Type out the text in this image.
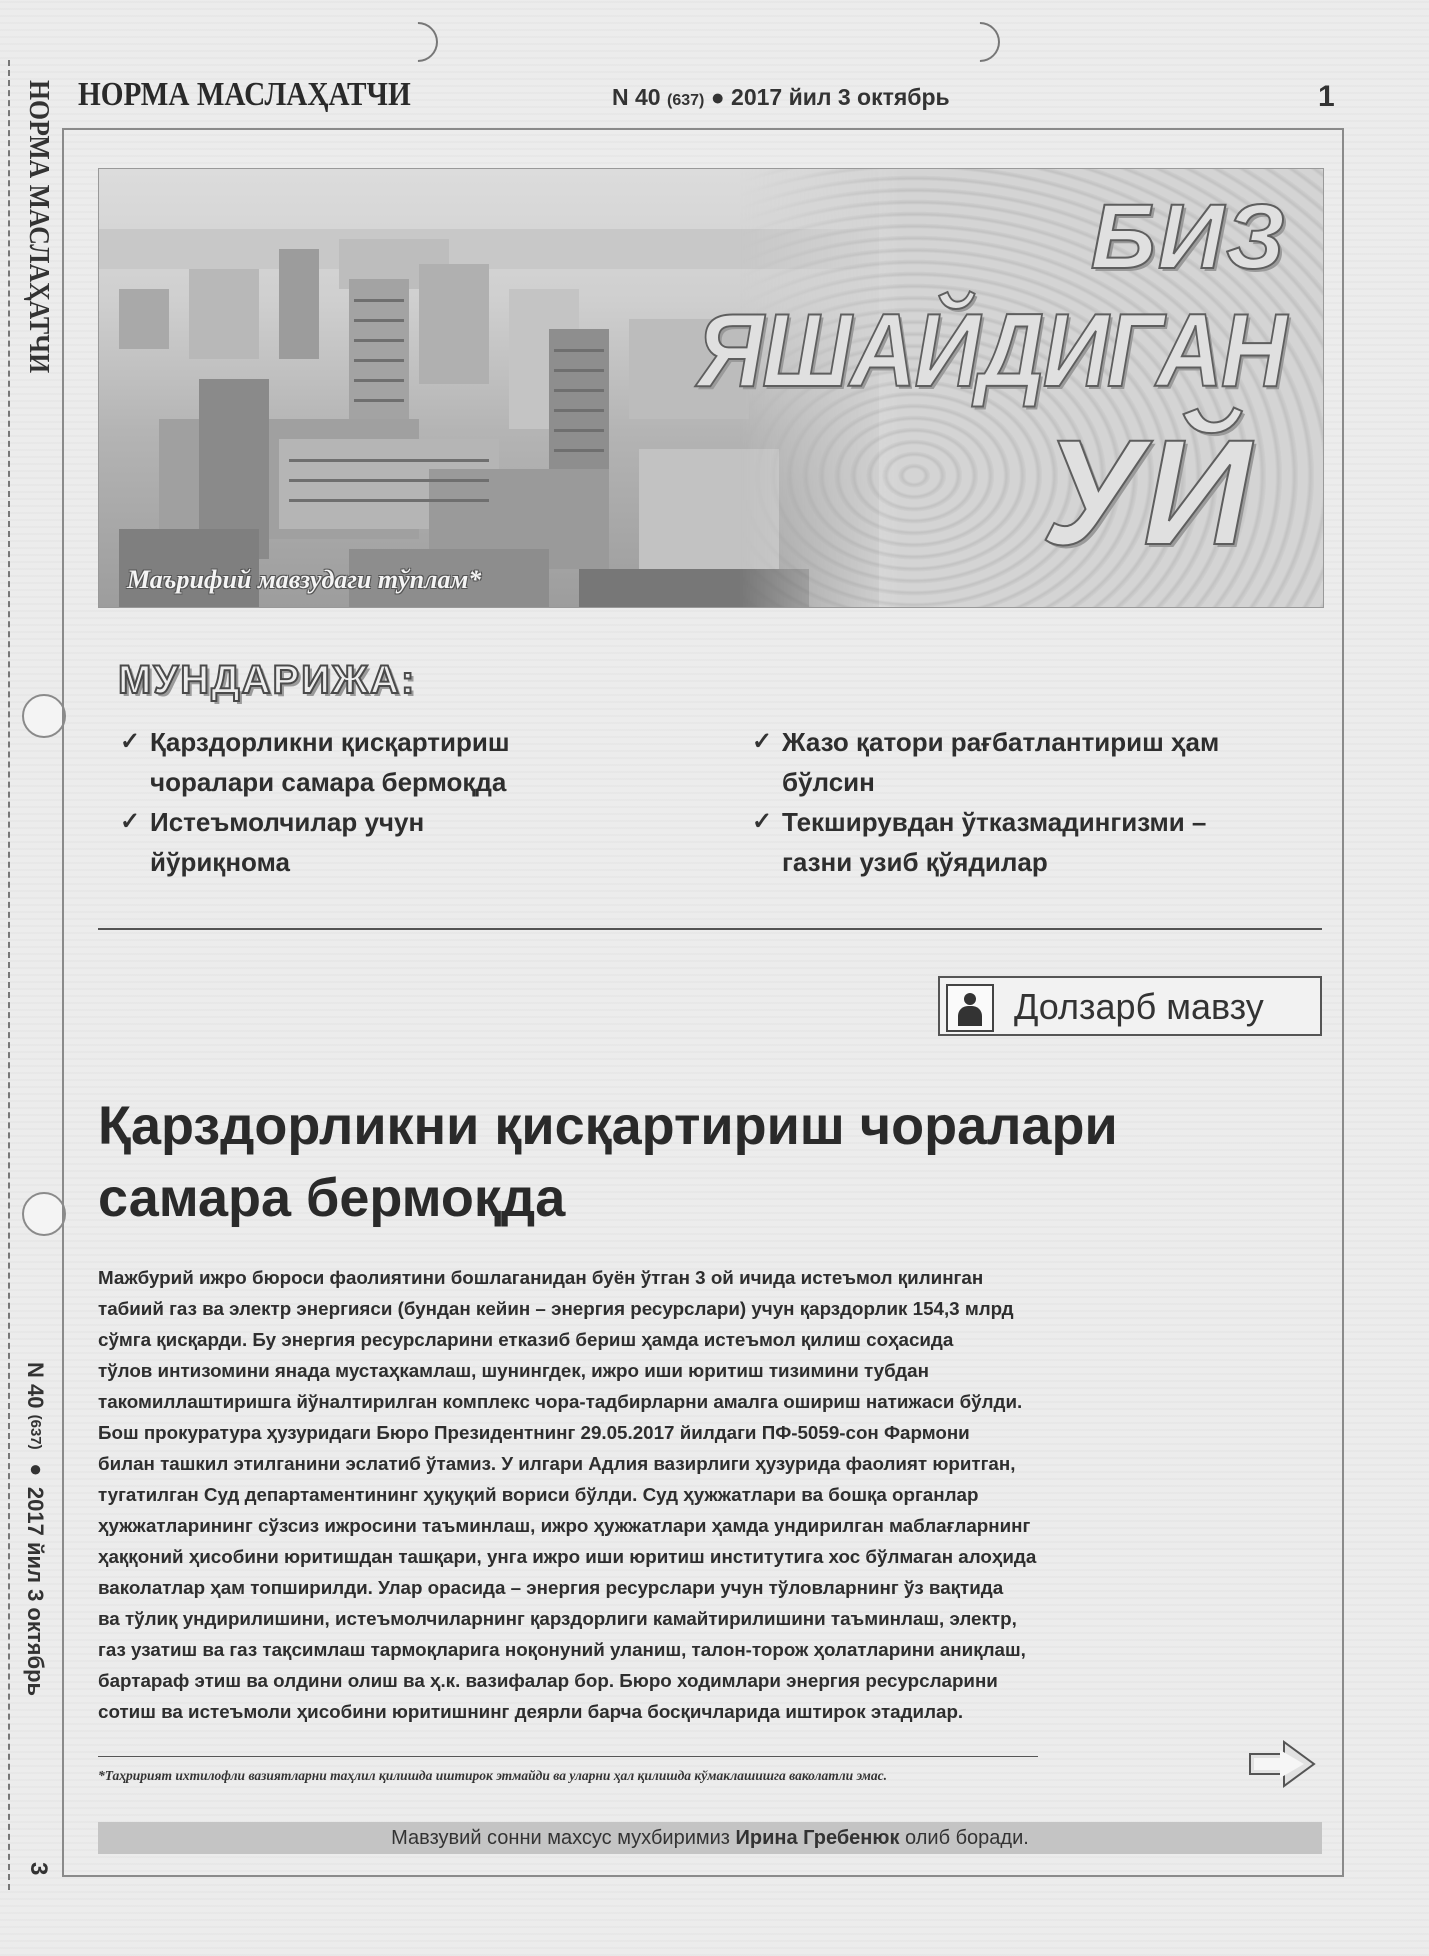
НОРМА МАСЛАҲАТЧИ
N 40 (637) ● 2017 йил 3 октябрь
3
НОРМА МАСЛАҲАТЧИ	N 40 (637) ● 2017 йил 3 октябрь	1
БИЗ
ЯШАЙДИГАН
УЙ
Маърифий мавзудаги тўплам*
МУНДАРИЖА:

✓ Қарздорликни қисқартириш
чоралари самара бермоқда

✓ Истеъмолчилар учун
йўриқнома

✓ Жазо қатори рағбатлантириш ҳам
бўлсин

✓ Текширувдан ўтказмадингизми –
газни узиб қўядилар

Долзарб мавзу
Қарздорликни қисқартириш чоралари
самара бермоқда

Мажбурий ижро бюроси фаолиятини бошлаганидан буён ўтган 3 ой ичида истеъмол қилинган
табиий газ ва электр энергияси (бундан кейин – энергия ресурслари) учун қарздорлик 154,3 млрд
сўмга қисқарди. Бу энергия ресурсларини етказиб бериш ҳамда истеъмол қилиш соҳасида
тўлов интизомини янада мустаҳкамлаш, шунингдек, ижро иши юритиш тизимини тубдан
такомиллаштиришга йўналтирилган комплекс чора-тадбирларни амалга ошириш натижаси бўлди.
Бош прокуратура ҳузуридаги Бюро Президентнинг 29.05.2017 йилдаги ПФ-5059-сон Фармони
билан ташкил этилганини эслатиб ўтамиз. У илгари Адлия вазирлиги ҳузурида фаолият юритган,
тугатилган Суд департаментининг ҳуқуқий вориси бўлди. Суд ҳужжатлари ва бошқа органлар
ҳужжатларининг сўзсиз ижросини таъминлаш, ижро ҳужжатлари ҳамда ундирилган маблағларнинг
ҳаққоний ҳисобини юритишдан ташқари, унга ижро иши юритиш институтига хос бўлмаган алоҳида
ваколатлар ҳам топширилди. Улар орасида – энергия ресурслари учун тўловларнинг ўз вақтида
ва тўлиқ ундирилишини, истеъмолчиларнинг қарздорлиги камайтирилишини таъминлаш, электр,
газ узатиш ва газ тақсимлаш тармоқларига ноқонуний уланиш, талон-торож ҳолатларини аниқлаш,
бартараф этиш ва олдини олиш ва ҳ.к. вазифалар бор. Бюро ходимлари энергия ресурсларини
сотиш ва истеъмоли ҳисобини юритишнинг деярли барча босқичларида иштирок этадилар.

*Таҳририят ихтилофли вазиятларни таҳлил қилишда иштирок этмайди ва уларни ҳал қилишда кўмаклашишга ваколатли эмас.
Мавзувий сонни махсус мухбиримиз Ирина Гребенюк олиб боради.
